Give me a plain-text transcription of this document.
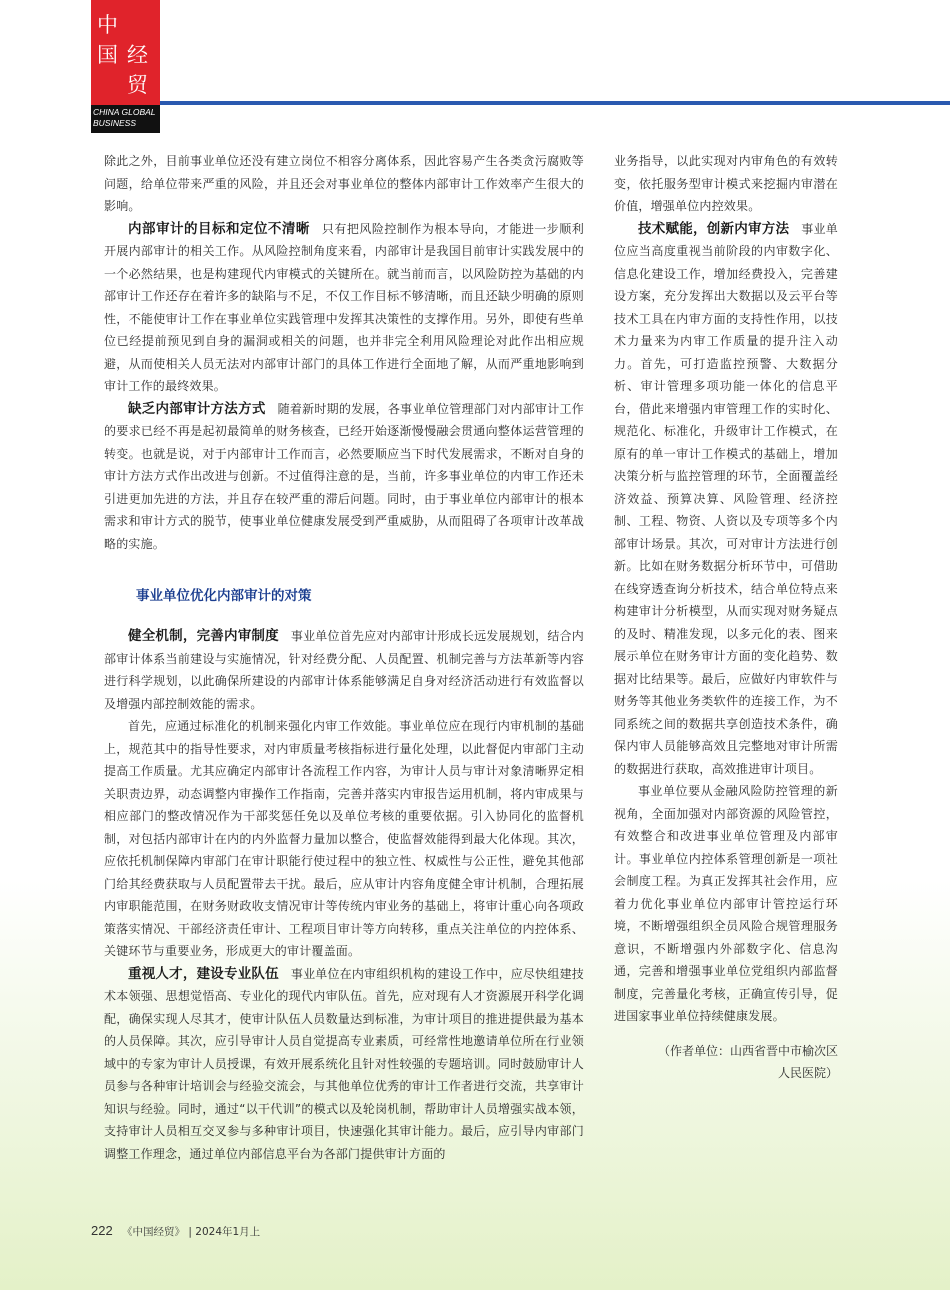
中
国 经
贸
CHINA GLOBAL
BUSINESS

除此之外，目前事业单位还没有建立岗位不相容分离体系，因此容易产生各类贪污腐败等问题，给单位带来严重的风险，并且还会对事业单位的整体内部审计工作效率产生很大的影响。

内部审计的目标和定位不清晰 只有把风险控制作为根本导向，才能进一步顺利开展内部审计的相关工作。从风险控制角度来看，内部审计是我国目前审计实践发展中的一个必然结果，也是构建现代内审模式的关键所在。就当前而言，以风险防控为基础的内部审计工作还存在着许多的缺陷与不足，不仅工作目标不够清晰，而且还缺少明确的原则性，不能使审计工作在事业单位实践管理中发挥其决策性的支撑作用。另外，即使有些单位已经提前预见到自身的漏洞或相关的问题，也并非完全利用风险理论对此作出相应规避，从而使相关人员无法对内部审计部门的具体工作进行全面地了解，从而严重地影响到审计工作的最终效果。

缺乏内部审计方法方式 随着新时期的发展，各事业单位管理部门对内部审计工作的要求已经不再是起初最简单的财务核查，已经开始逐渐慢慢融会贯通向整体运营管理的转变。也就是说，对于内部审计工作而言，必然要顺应当下时代发展需求，不断对自身的审计方法方式作出改进与创新。不过值得注意的是，当前，许多事业单位的内审工作还未引进更加先进的方法，并且存在较严重的滞后问题。同时，由于事业单位内部审计的根本需求和审计方式的脱节，使事业单位健康发展受到严重威胁，从而阻碍了各项审计改革战略的实施。

事业单位优化内部审计的对策

健全机制，完善内审制度 事业单位首先应对内部审计形成长远发展规划，结合内部审计体系当前建设与实施情况，针对经费分配、人员配置、机制完善与方法革新等内容进行科学规划，以此确保所建设的内部审计体系能够满足自身对经济活动进行有效监督以及增强内部控制效能的需求。

首先，应通过标准化的机制来强化内审工作效能。事业单位应在现行内审机制的基础上，规范其中的指导性要求，对内审质量考核指标进行量化处理，以此督促内审部门主动提高工作质量。尤其应确定内部审计各流程工作内容，为审计人员与审计对象清晰界定相关职责边界，动态调整内审操作工作指南，完善并落实内审报告运用机制，将内审成果与相应部门的整改情况作为干部奖惩任免以及单位考核的重要依据。引入协同化的监督机制，对包括内部审计在内的内外监督力量加以整合，使监督效能得到最大化体现。其次，应依托机制保障内审部门在审计职能行使过程中的独立性、权威性与公正性，避免其他部门给其经费获取与人员配置带去干扰。最后，应从审计内容角度健全审计机制，合理拓展内审职能范围，在财务财政收支情况审计等传统内审业务的基础上，将审计重心向各项政策落实情况、干部经济责任审计、工程项目审计等方向转移，重点关注单位的内控体系、关键环节与重要业务，形成更大的审计覆盖面。

重视人才，建设专业队伍 事业单位在内审组织机构的建设工作中，应尽快组建技术本领强、思想觉悟高、专业化的现代内审队伍。首先，应对现有人才资源展开科学化调配，确保实现人尽其才，使审计队伍人员数量达到标准，为审计项目的推进提供最为基本的人员保障。其次，应引导审计人员自觉提高专业素质，可经常性地邀请单位所在行业领域中的专家为审计人员授课，有效开展系统化且针对性较强的专题培训。同时鼓励审计人员参与各种审计培训会与经验交流会，与其他单位优秀的审计工作者进行交流，共享审计知识与经验。同时，通过“以干代训”的模式以及轮岗机制，帮助审计人员增强实战本领，支持审计人员相互交叉参与多种审计项目，快速强化其审计能力。最后，应引导内审部门调整工作理念，通过单位内部信息平台为各部门提供审计方面的

业务指导，以此实现对内审角色的有效转变，依托服务型审计模式来挖掘内审潜在价值，增强单位内控效果。

技术赋能，创新内审方法 事业单位应当高度重视当前阶段的内审数字化、信息化建设工作，增加经费投入，完善建设方案，充分发挥出大数据以及云平台等技术工具在内审方面的支持性作用，以技术力量来为内审工作质量的提升注入动力。首先，可打造监控预警、大数据分析、审计管理多项功能一体化的信息平台，借此来增强内审管理工作的实时化、规范化、标准化，升级审计工作模式，在原有的单一审计工作模式的基础上，增加决策分析与监控管理的环节，全面覆盖经济效益、预算决算、风险管理、经济控制、工程、物资、人资以及专项等多个内部审计场景。其次，可对审计方法进行创新。比如在财务数据分析环节中，可借助在线穿透查询分析技术，结合单位特点来构建审计分析模型，从而实现对财务疑点的及时、精准发现，以多元化的表、图来展示单位在财务审计方面的变化趋势、数据对比结果等。最后，应做好内审软件与财务等其他业务类软件的连接工作，为不同系统之间的数据共享创造技术条件，确保内审人员能够高效且完整地对审计所需的数据进行获取，高效推进审计项目。

事业单位要从金融风险防控管理的新视角，全面加强对内部资源的风险管控，有效整合和改进事业单位管理及内部审计。事业单位内控体系管理创新是一项社会制度工程。为真正发挥其社会作用，应着力优化事业单位内部审计管控运行环境，不断增强组织全员风险合规管理服务意识，不断增强内外部数字化、信息沟通，完善和增强事业单位党组织内部监督制度，完善量化考核，正确宣传引导，促进国家事业单位持续健康发展。

（作者单位：山西省晋中市榆次区
人民医院）
222 《中国经贸》 | 2024年1月上
